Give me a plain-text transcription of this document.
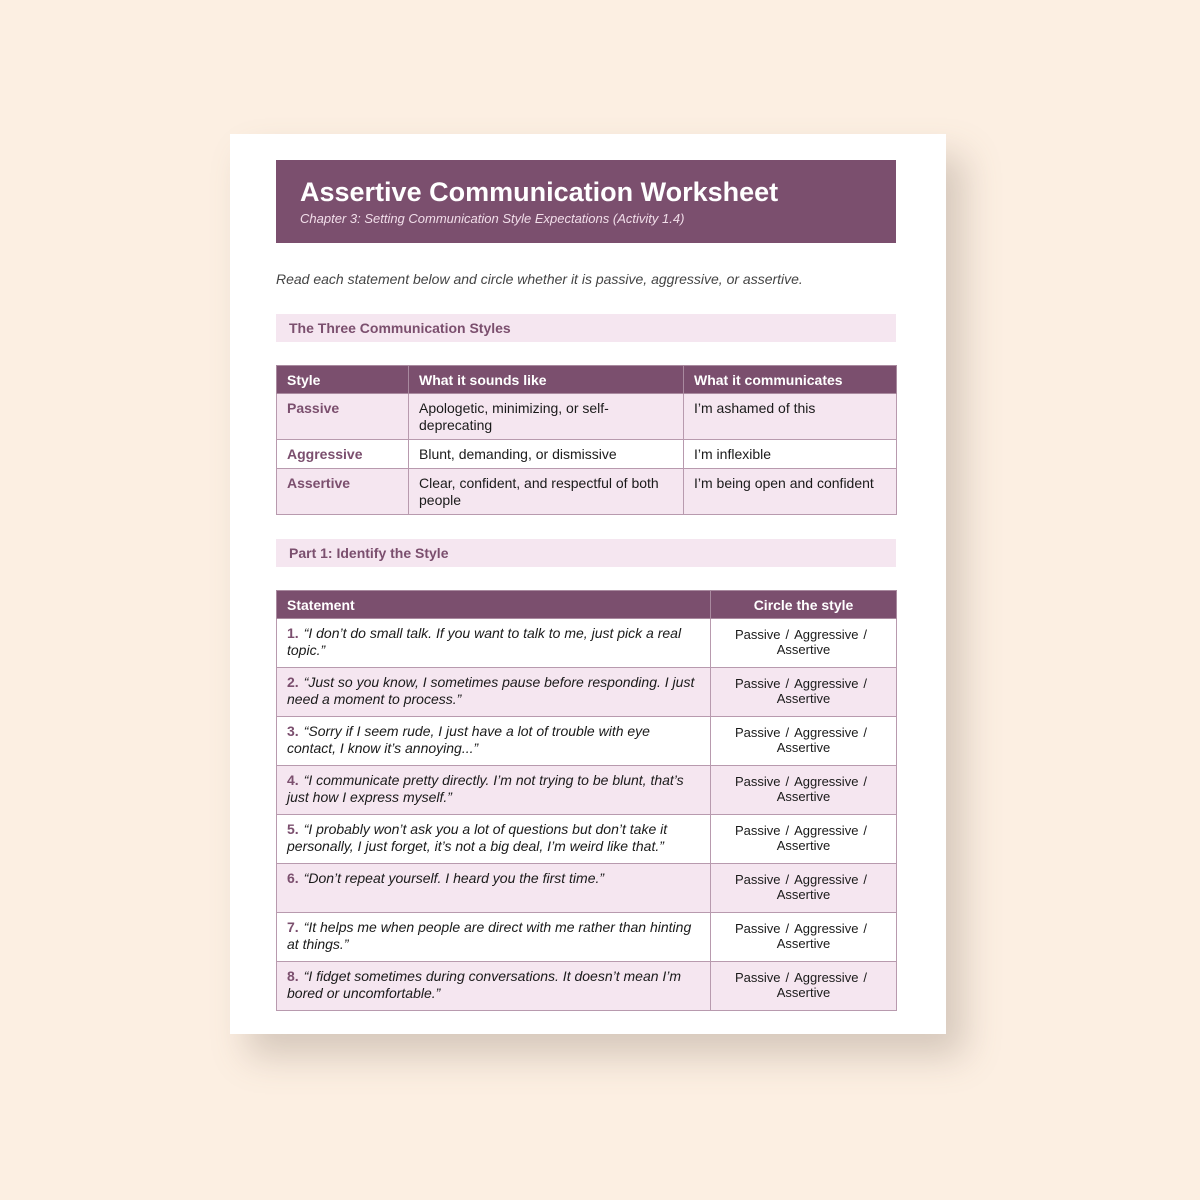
Assertive Communication Worksheet
Chapter 3: Setting Communication Style Expectations (Activity 1.4)
Read each statement below and circle whether it is passive, aggressive, or assertive.
The Three Communication Styles
Style	What it sounds like	What it communicates
Passive	Apologetic, minimizing, or self-deprecating	I’m ashamed of this
Aggressive	Blunt, demanding, or dismissive	I’m inflexible
Assertive	Clear, confident, and respectful of both people	I’m being open and confident
Part 1: Identify the Style
Statement	Circle the style
1. “I don’t do small talk. If you want to talk to me, just pick a real topic.”	Passive / Aggressive / Assertive
2. “Just so you know, I sometimes pause before responding. I just need a moment to process.”	Passive / Aggressive / Assertive
3. “Sorry if I seem rude, I just have a lot of trouble with eye contact, I know it’s annoying...”	Passive / Aggressive / Assertive
4. “I communicate pretty directly. I’m not trying to be blunt, that’s just how I express myself.”	Passive / Aggressive / Assertive
5. “I probably won’t ask you a lot of questions but don’t take it personally, I just forget, it’s not a big deal, I’m weird like that.”	Passive / Aggressive / Assertive
6. “Don’t repeat yourself. I heard you the first time.”	Passive / Aggressive / Assertive
7. “It helps me when people are direct with me rather than hinting at things.”	Passive / Aggressive / Assertive
8. “I fidget sometimes during conversations. It doesn’t mean I’m bored or uncomfortable.”	Passive / Aggressive / Assertive
